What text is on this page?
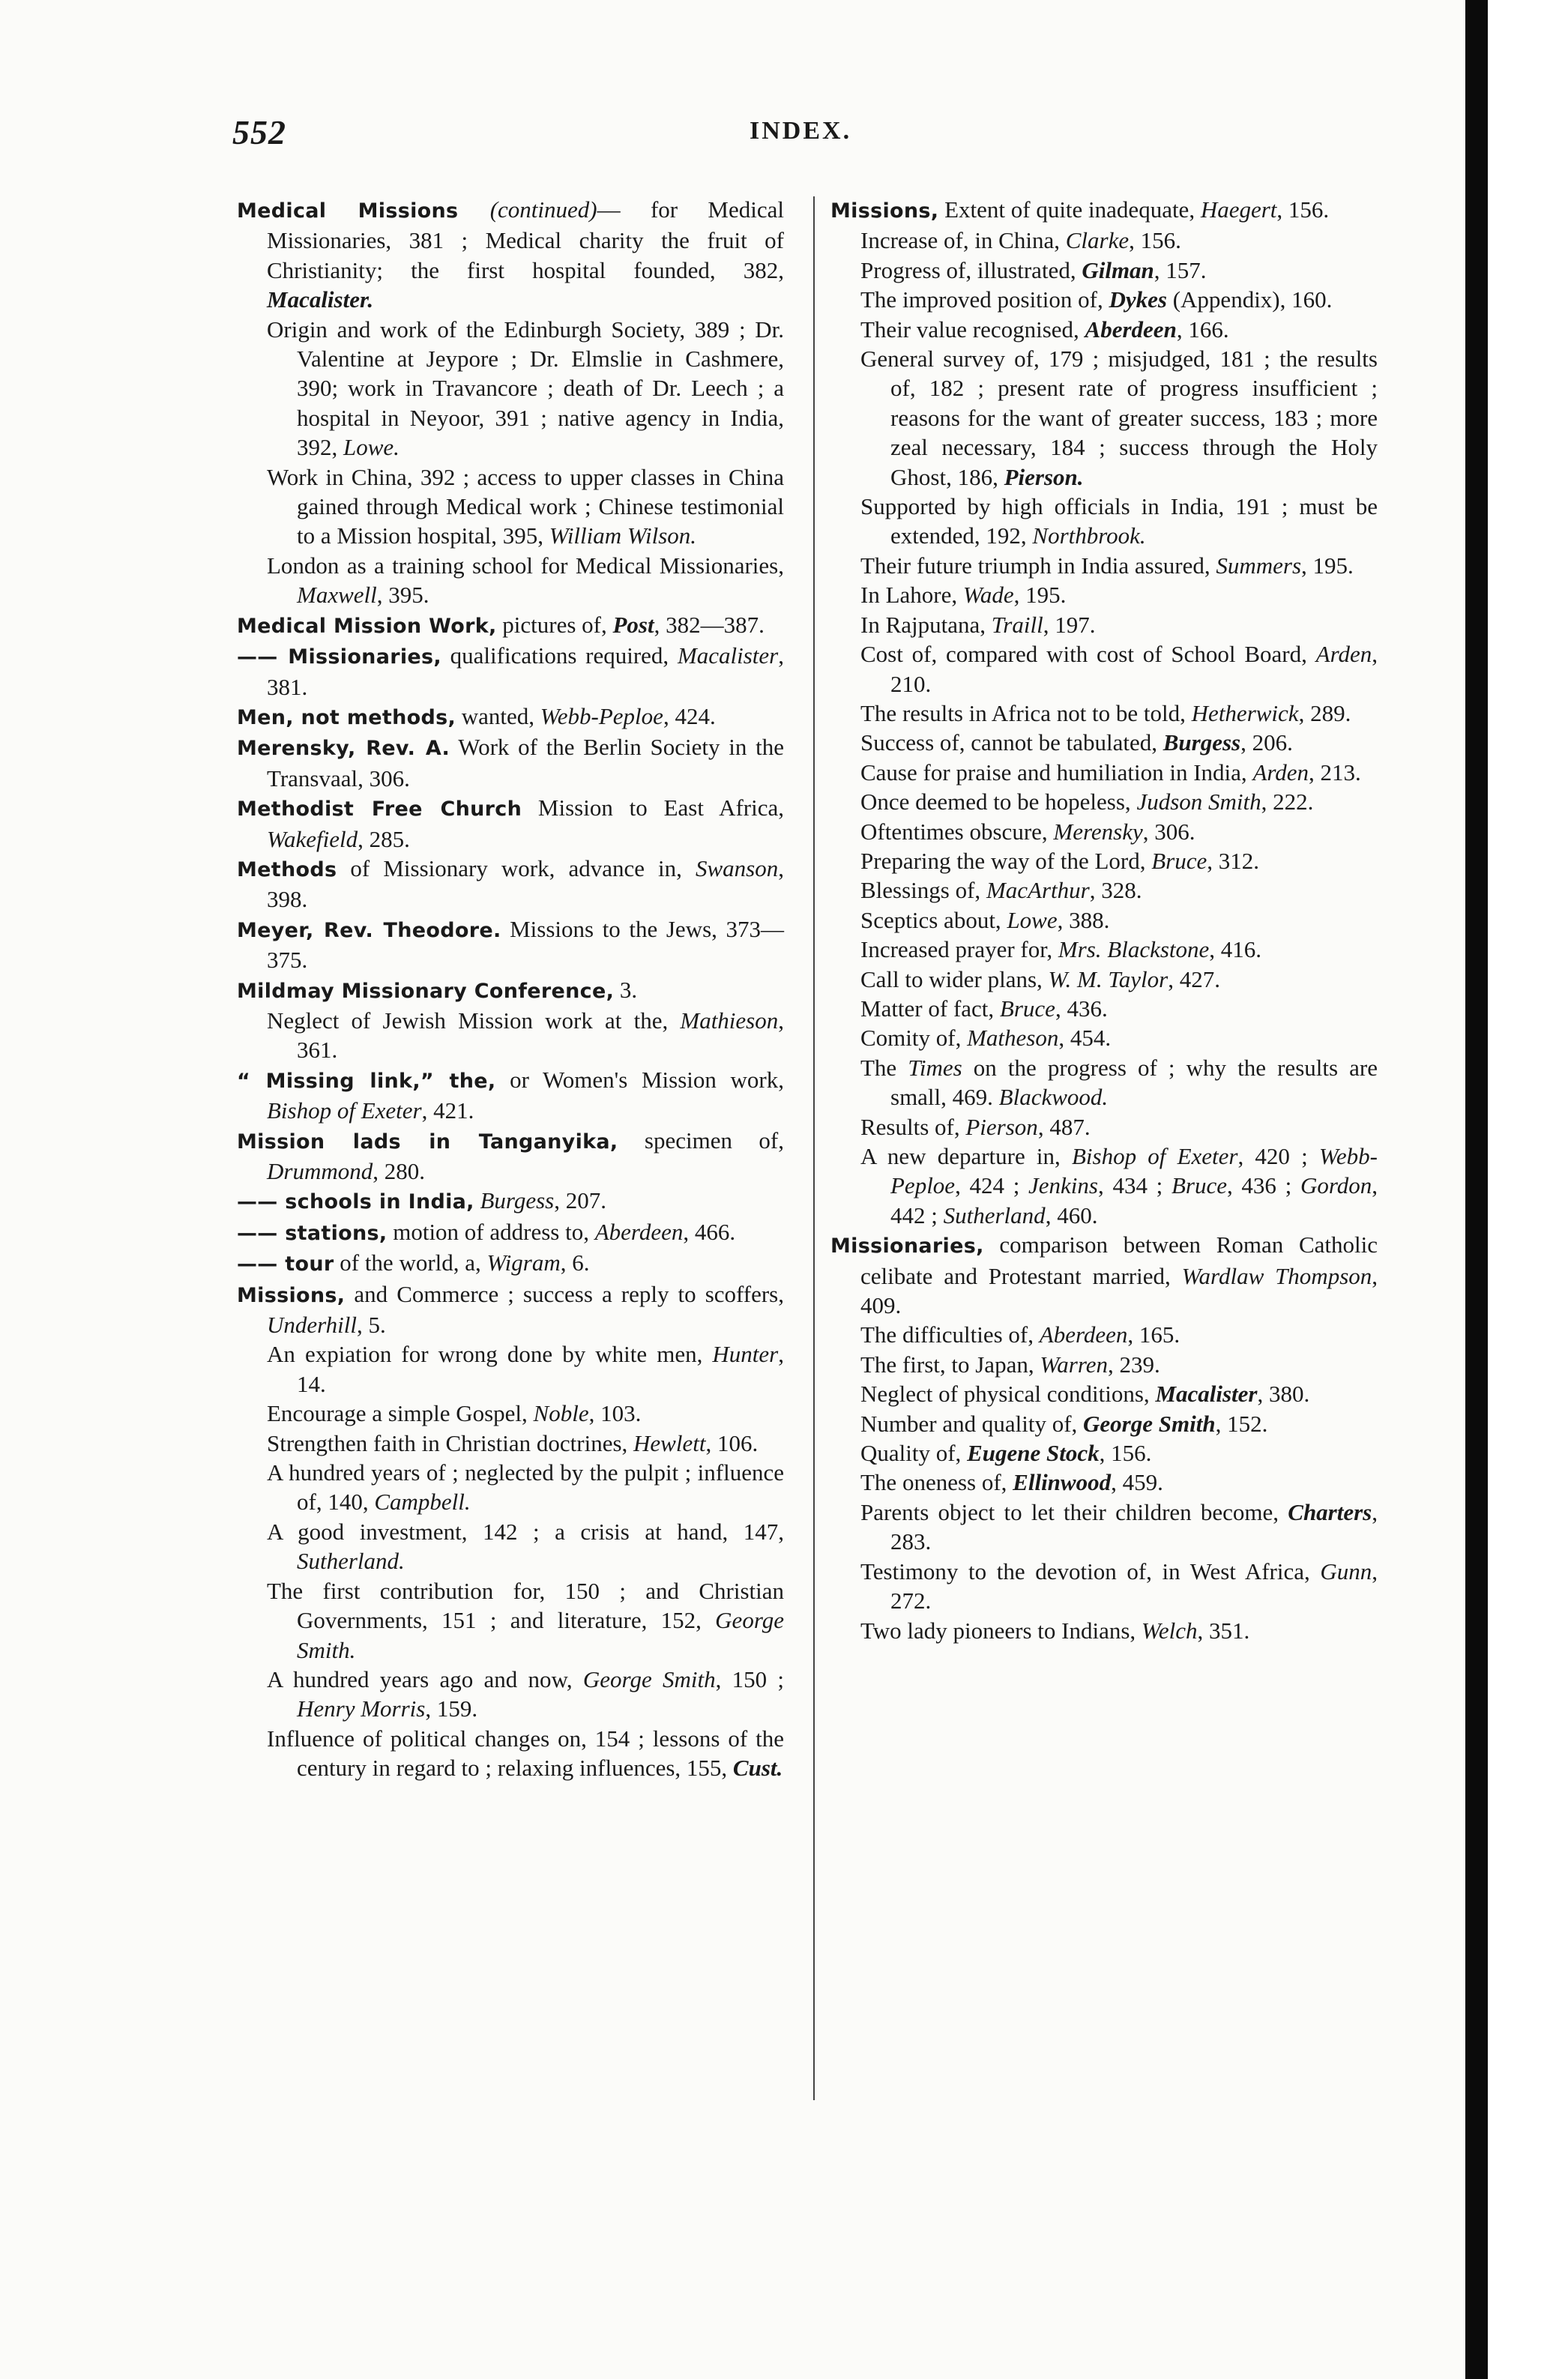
552	INDEX.

Medical Missions (continued)— for Medical Missionaries, 381 ; Medical charity the fruit of Christianity; the first hospital founded, 382, Macalister.

Origin and work of the Edinburgh Society, 389 ; Dr. Valentine at Jeypore ; Dr. Elmslie in Cashmere, 390; work in Travancore ; death of Dr. Leech ; a hospital in Neyoor, 391 ; native agency in India, 392, Lowe.

Work in China, 392 ; access to upper classes in China gained through Medical work ; Chinese testimonial to a Mission hospital, 395, William Wilson.

London as a training school for Medical Missionaries, Maxwell, 395.

Medical Mission Work, pictures of, Post, 382—387.

—— Missionaries, qualifications required, Macalister, 381.

Men, not methods, wanted, Webb-Peploe, 424.

Merensky, Rev. A. Work of the Berlin Society in the Transvaal, 306.

Methodist Free Church Mission to East Africa, Wakefield, 285.

Methods of Missionary work, advance in, Swanson, 398.

Meyer, Rev. Theodore. Missions to the Jews, 373—375.

Mildmay Missionary Conference, 3.

Neglect of Jewish Mission work at the, Mathieson, 361.

“ Missing link,” the, or Women's Mission work, Bishop of Exeter, 421.

Mission lads in Tanganyika, specimen of, Drummond, 280.

—— schools in India, Burgess, 207.

—— stations, motion of address to, Aberdeen, 466.

—— tour of the world, a, Wigram, 6.

Missions, and Commerce ; success a reply to scoffers, Underhill, 5.

An expiation for wrong done by white men, Hunter, 14.

Encourage a simple Gospel, Noble, 103.

Strengthen faith in Christian doctrines, Hewlett, 106.

A hundred years of ; neglected by the pulpit ; influence of, 140, Campbell.

A good investment, 142 ; a crisis at hand, 147, Sutherland.

The first contribution for, 150 ; and Christian Governments, 151 ; and literature, 152, George Smith.

A hundred years ago and now, George Smith, 150 ; Henry Morris, 159.

Influence of political changes on, 154 ; lessons of the century in regard to ; relaxing influences, 155, Cust.

Missions, Extent of quite inadequate, Haegert, 156.

Increase of, in China, Clarke, 156.

Progress of, illustrated, Gilman, 157.

The improved position of, Dykes (Appendix), 160.

Their value recognised, Aberdeen, 166.

General survey of, 179 ; misjudged, 181 ; the results of, 182 ; present rate of progress insufficient ; reasons for the want of greater success, 183 ; more zeal necessary, 184 ; success through the Holy Ghost, 186, Pierson.

Supported by high officials in India, 191 ; must be extended, 192, Northbrook.

Their future triumph in India assured, Summers, 195.

In Lahore, Wade, 195.

In Rajputana, Traill, 197.

Cost of, compared with cost of School Board, Arden, 210.

The results in Africa not to be told, Hetherwick, 289.

Success of, cannot be tabulated, Burgess, 206.

Cause for praise and humiliation in India, Arden, 213.

Once deemed to be hopeless, Judson Smith, 222.

Oftentimes obscure, Merensky, 306.

Preparing the way of the Lord, Bruce, 312.

Blessings of, MacArthur, 328.

Sceptics about, Lowe, 388.

Increased prayer for, Mrs. Blackstone, 416.

Call to wider plans, W. M. Taylor, 427.

Matter of fact, Bruce, 436.

Comity of, Matheson, 454.

The Times on the progress of ; why the results are small, 469. Blackwood.

Results of, Pierson, 487.

A new departure in, Bishop of Exeter, 420 ; Webb-Peploe, 424 ; Jenkins, 434 ; Bruce, 436 ; Gordon, 442 ; Sutherland, 460.

Missionaries, comparison between Roman Catholic celibate and Protestant married, Wardlaw Thompson, 409.

The difficulties of, Aberdeen, 165.

The first, to Japan, Warren, 239.

Neglect of physical conditions, Macalister, 380.

Number and quality of, George Smith, 152.

Quality of, Eugene Stock, 156.

The oneness of, Ellinwood, 459.

Parents object to let their children become, Charters, 283.

Testimony to the devotion of, in West Africa, Gunn, 272.

Two lady pioneers to Indians, Welch, 351.
